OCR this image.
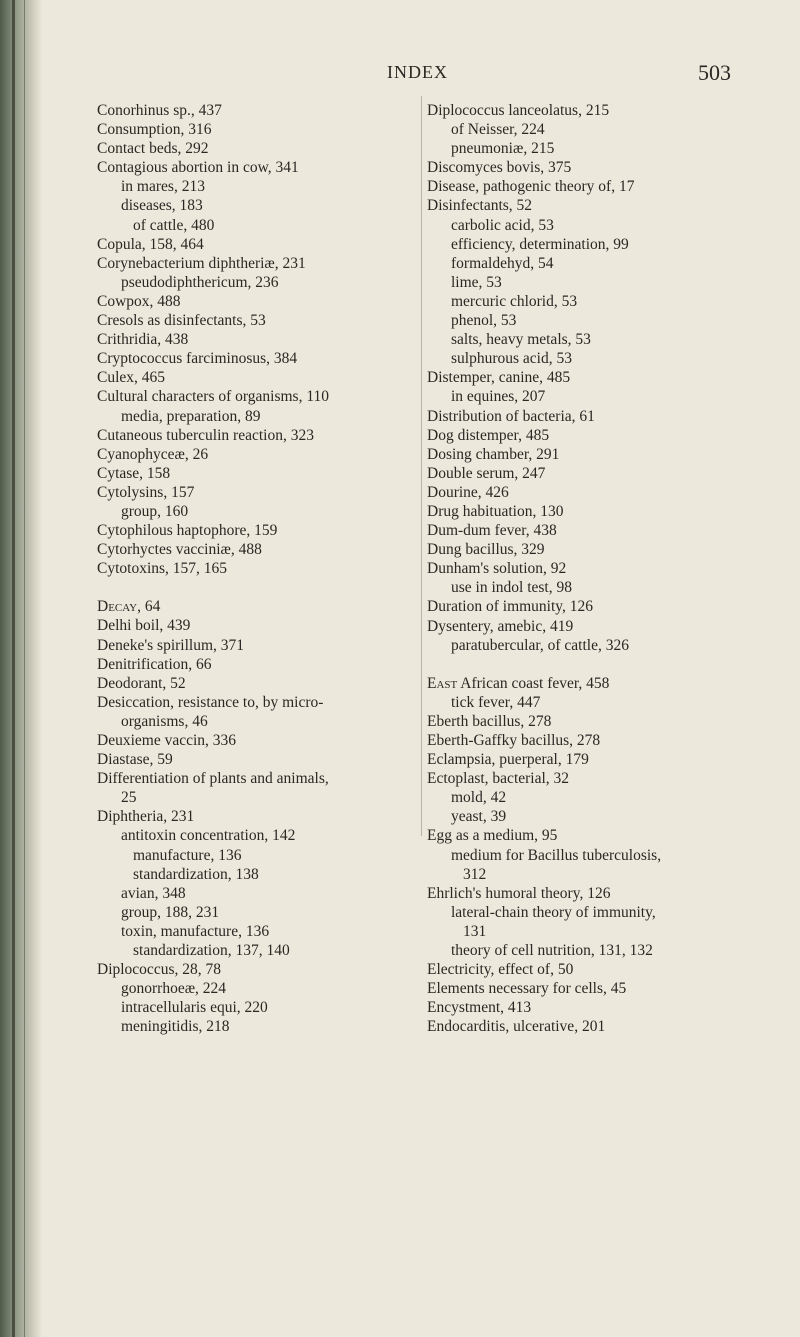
INDEX	503
Conorhinus sp., 437
Consumption, 316
Contact beds, 292
Contagious abortion in cow, 341
in mares, 213
diseases, 183
of cattle, 480
Copula, 158, 464
Corynebacterium diphtheriæ, 231
pseudodiphthericum, 236
Cowpox, 488
Cresols as disinfectants, 53
Crithridia, 438
Cryptococcus farciminosus, 384
Culex, 465
Cultural characters of organisms, 110
media, preparation, 89
Cutaneous tuberculin reaction, 323
Cyanophyceæ, 26
Cytase, 158
Cytolysins, 157
group, 160
Cytophilous haptophore, 159
Cytorhyctes vacciniæ, 488
Cytotoxins, 157, 165
Decay, 64
Delhi boil, 439
Deneke's spirillum, 371
Denitrification, 66
Deodorant, 52
Desiccation, resistance to, by micro-
organisms, 46
Deuxieme vaccin, 336
Diastase, 59
Differentiation of plants and animals,
25
Diphtheria, 231
antitoxin concentration, 142
manufacture, 136
standardization, 138
avian, 348
group, 188, 231
toxin, manufacture, 136
standardization, 137, 140
Diplococcus, 28, 78
gonorrhoeæ, 224
intracellularis equi, 220
meningitidis, 218
Diplococcus lanceolatus, 215
of Neisser, 224
pneumoniæ, 215
Discomyces bovis, 375
Disease, pathogenic theory of, 17
Disinfectants, 52
carbolic acid, 53
efficiency, determination, 99
formaldehyd, 54
lime, 53
mercuric chlorid, 53
phenol, 53
salts, heavy metals, 53
sulphurous acid, 53
Distemper, canine, 485
in equines, 207
Distribution of bacteria, 61
Dog distemper, 485
Dosing chamber, 291
Double serum, 247
Dourine, 426
Drug habituation, 130
Dum-dum fever, 438
Dung bacillus, 329
Dunham's solution, 92
use in indol test, 98
Duration of immunity, 126
Dysentery, amebic, 419
paratubercular, of cattle, 326
East African coast fever, 458
tick fever, 447
Eberth bacillus, 278
Eberth-Gaffky bacillus, 278
Eclampsia, puerperal, 179
Ectoplast, bacterial, 32
mold, 42
yeast, 39
Egg as a medium, 95
medium for Bacillus tuberculosis,
312
Ehrlich's humoral theory, 126
lateral-chain theory of immunity,
131
theory of cell nutrition, 131, 132
Electricity, effect of, 50
Elements necessary for cells, 45
Encystment, 413
Endocarditis, ulcerative, 201
